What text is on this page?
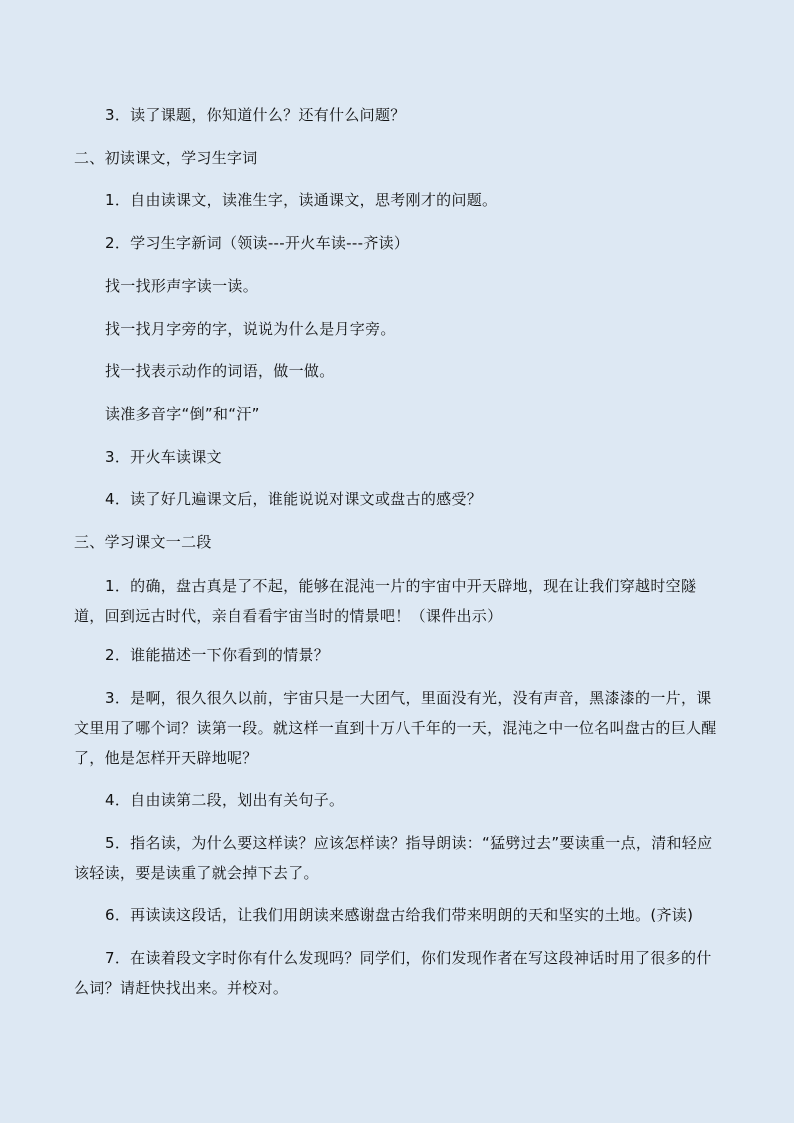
3．读了课题，你知道什么？还有什么问题？
二、初读课文，学习生字词
1．自由读课文，读准生字，读通课文，思考刚才的问题。
2．学习生字新词（领读---开火车读---齐读）
找一找形声字读一读。
找一找月字旁的字，说说为什么是月字旁。
找一找表示动作的词语，做一做。
读准多音字“倒”和“汗”
3．开火车读课文
4．读了好几遍课文后，谁能说说对课文或盘古的感受？
三、学习课文一二段
1．的确，盘古真是了不起，能够在混沌一片的宇宙中开天辟地，现在让我们穿越时空隧道，回到远古时代，亲自看看宇宙当时的情景吧！（课件出示）
2．谁能描述一下你看到的情景？
3．是啊，很久很久以前，宇宙只是一大团气，里面没有光，没有声音，黑漆漆的一片，课文里用了哪个词？读第一段。就这样一直到十万八千年的一天，混沌之中一位名叫盘古的巨人醒了，他是怎样开天辟地呢？
4．自由读第二段，划出有关句子。
5．指名读，为什么要这样读？应该怎样读？指导朗读：“猛劈过去”要读重一点，清和轻应该轻读，要是读重了就会掉下去了。
6．再读读这段话，让我们用朗读来感谢盘古给我们带来明朗的天和坚实的土地。(齐读)
7．在读着段文字时你有什么发现吗？同学们，你们发现作者在写这段神话时用了很多的什么词？请赶快找出来。并校对。
